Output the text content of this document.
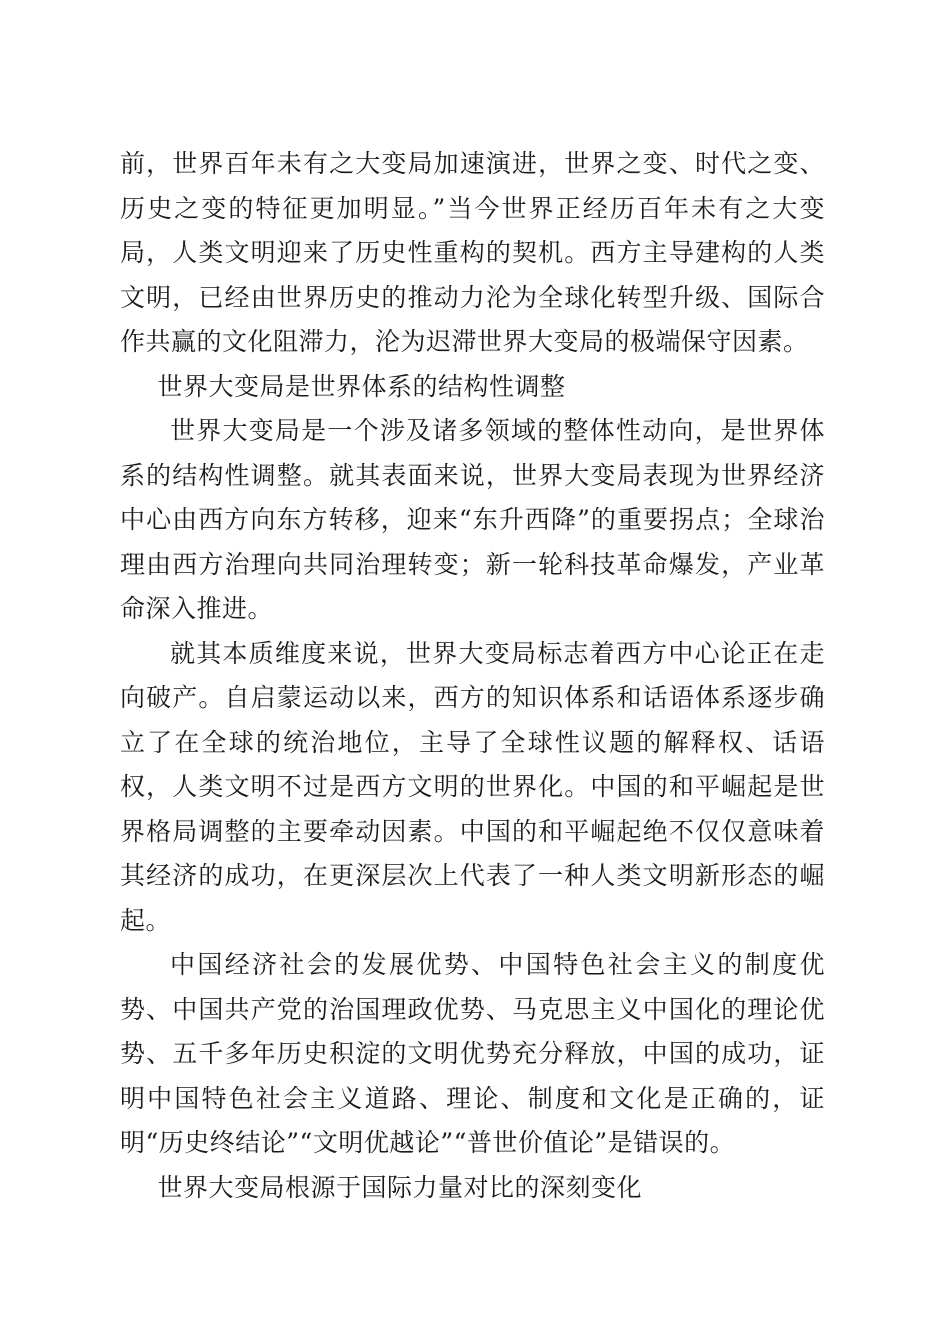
前，世界百年未有之大变局加速演进，世界之变、时代之变、历史之变的特征更加明显。”当今世界正经历百年未有之大变局，人类文明迎来了历史性重构的契机。西方主导建构的人类文明，已经由世界历史的推动力沦为全球化转型升级、国际合作共赢的文化阻滞力，沦为迟滞世界大变局的极端保守因素。

世界大变局是世界体系的结构性调整

世界大变局是一个涉及诸多领域的整体性动向，是世界体系的结构性调整。就其表面来说，世界大变局表现为世界经济中心由西方向东方转移，迎来“东升西降”的重要拐点；全球治理由西方治理向共同治理转变；新一轮科技革命爆发，产业革命深入推进。

就其本质维度来说，世界大变局标志着西方中心论正在走向破产。自启蒙运动以来，西方的知识体系和话语体系逐步确立了在全球的统治地位，主导了全球性议题的解释权、话语权，人类文明不过是西方文明的世界化。中国的和平崛起是世界格局调整的主要牵动因素。中国的和平崛起绝不仅仅意味着其经济的成功，在更深层次上代表了一种人类文明新形态的崛起。

中国经济社会的发展优势、中国特色社会主义的制度优势、中国共产党的治国理政优势、马克思主义中国化的理论优势、五千多年历史积淀的文明优势充分释放，中国的成功，证明中国特色社会主义道路、理论、制度和文化是正确的，证明“历史终结论”“文明优越论”“普世价值论”是错误的。

世界大变局根源于国际力量对比的深刻变化
